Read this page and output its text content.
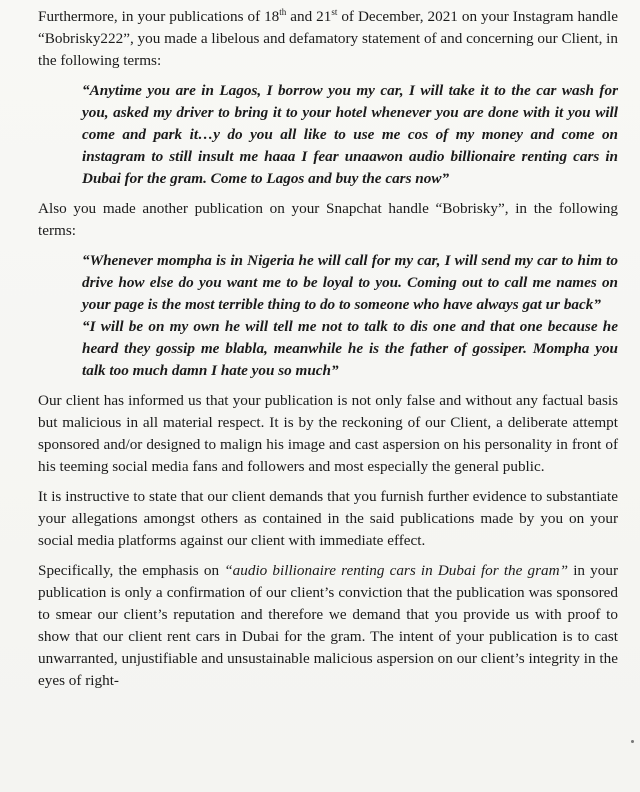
Furthermore, in your publications of 18th and 21st of December, 2021 on your Instagram handle “Bobrisky222”, you made a libelous and defamatory statement of and concerning our Client, in the following terms:

“Anytime you are in Lagos, I borrow you my car, I will take it to the car wash for you, asked my driver to bring it to your hotel whenever you are done with it you will come and park it…y do you all like to use me cos of my money and come on instagram to still insult me haaa I fear unaawon audio billionaire renting cars in Dubai for the gram. Come to Lagos and buy the cars now”

Also you made another publication on your Snapchat handle “Bobrisky”, in the following terms:

“Whenever mompha is in Nigeria he will call for my car, I will send my car to him to drive how else do you want me to be loyal to you. Coming out to call me names on your page is the most terrible thing to do to someone who have always gat ur back”

“I will be on my own he will tell me not to talk to dis one and that one because he heard they gossip me blabla, meanwhile he is the father of gossiper. Mompha you talk too much damn I hate you so much”

Our client has informed us that your publication is not only false and without any factual basis but malicious in all material respect. It is by the reckoning of our Client, a deliberate attempt sponsored and/or designed to malign his image and cast aspersion on his personality in front of his teeming social media fans and followers and most especially the general public.

It is instructive to state that our client demands that you furnish further evidence to substantiate your allegations amongst others as contained in the said publications made by you on your social media platforms against our client with immediate effect.

Specifically, the emphasis on “audio billionaire renting cars in Dubai for the gram” in your publication is only a confirmation of our client’s conviction that the publication was sponsored to smear our client’s reputation and therefore we demand that you provide us with proof to show that our client rent cars in Dubai for the gram. The intent of your publication is to cast unwarranted, unjustifiable and unsustainable malicious aspersion on our client’s integrity in the eyes of right-
